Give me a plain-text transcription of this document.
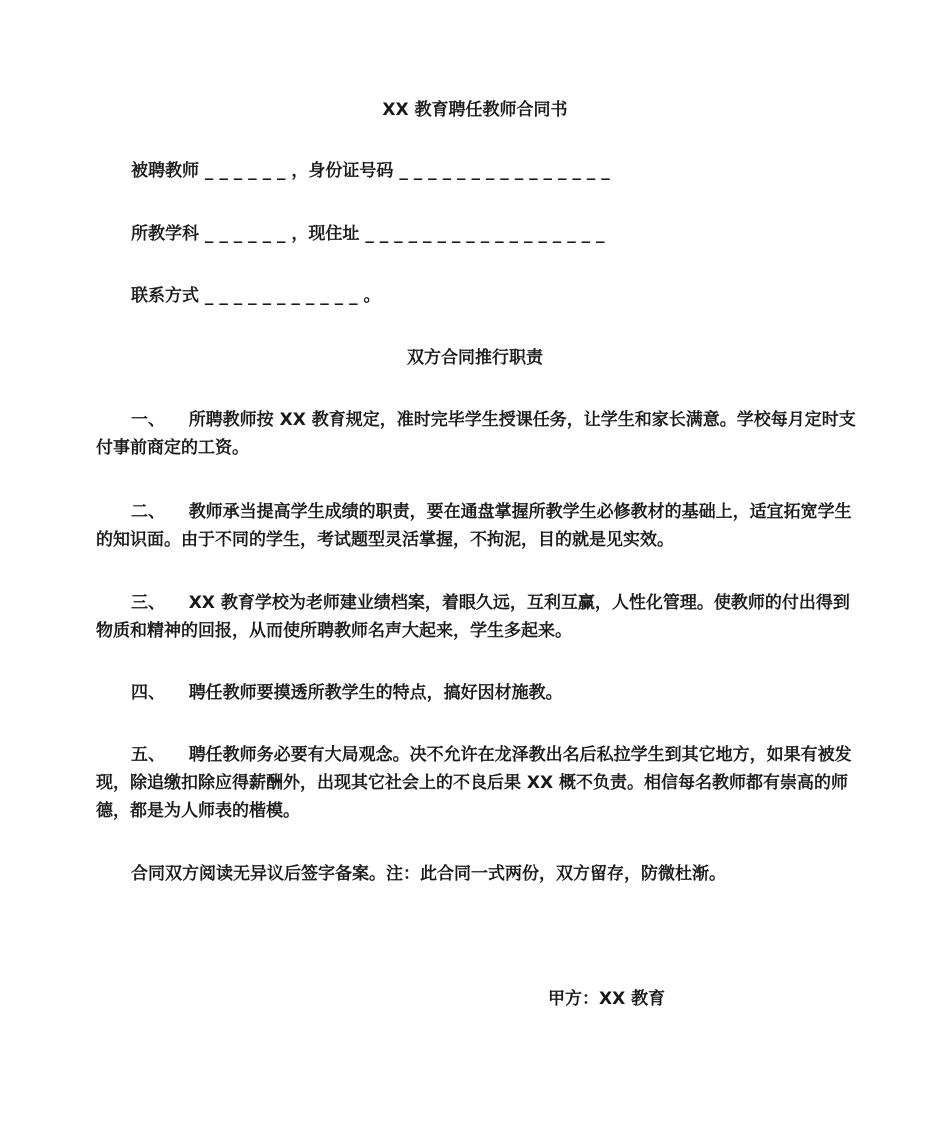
XX 教育聘任教师合同书
被聘教师 _ _ _ _ _ _ ，身份证号码 _ _ _ _ _ _ _ _ _ _ _ _ _ _ _
所教学科 _ _ _ _ _ _ ，现住址 _ _ _ _ _ _ _ _ _ _ _ _ _ _ _ _ _
联系方式 _ _ _ _ _ _ _ _ _ _ _ 。
双方合同推行职责
一、 所聘教师按 XX 教育规定，准时完毕学生授课任务，让学生和家长满意。学校每月定时支付事前商定的工资。
二、 教师承当提高学生成绩的职责，要在通盘掌握所教学生必修教材的基础上，适宜拓宽学生的知识面。由于不同的学生，考试题型灵活掌握，不拘泥，目的就是见实效。
三、 XX 教育学校为老师建业绩档案，着眼久远，互利互赢，人性化管理。使教师的付出得到物质和精神的回报，从而使所聘教师名声大起来，学生多起来。
四、 聘任教师要摸透所教学生的特点，搞好因材施教。
五、 聘任教师务必要有大局观念。决不允许在龙泽教出名后私拉学生到其它地方，如果有被发现，除追缴扣除应得薪酬外，出现其它社会上的不良后果 XX 概不负责。相信每名教师都有崇高的师德，都是为人师表的楷模。
合同双方阅读无异议后签字备案。注：此合同一式两份，双方留存，防微杜渐。
甲方：XX 教育
